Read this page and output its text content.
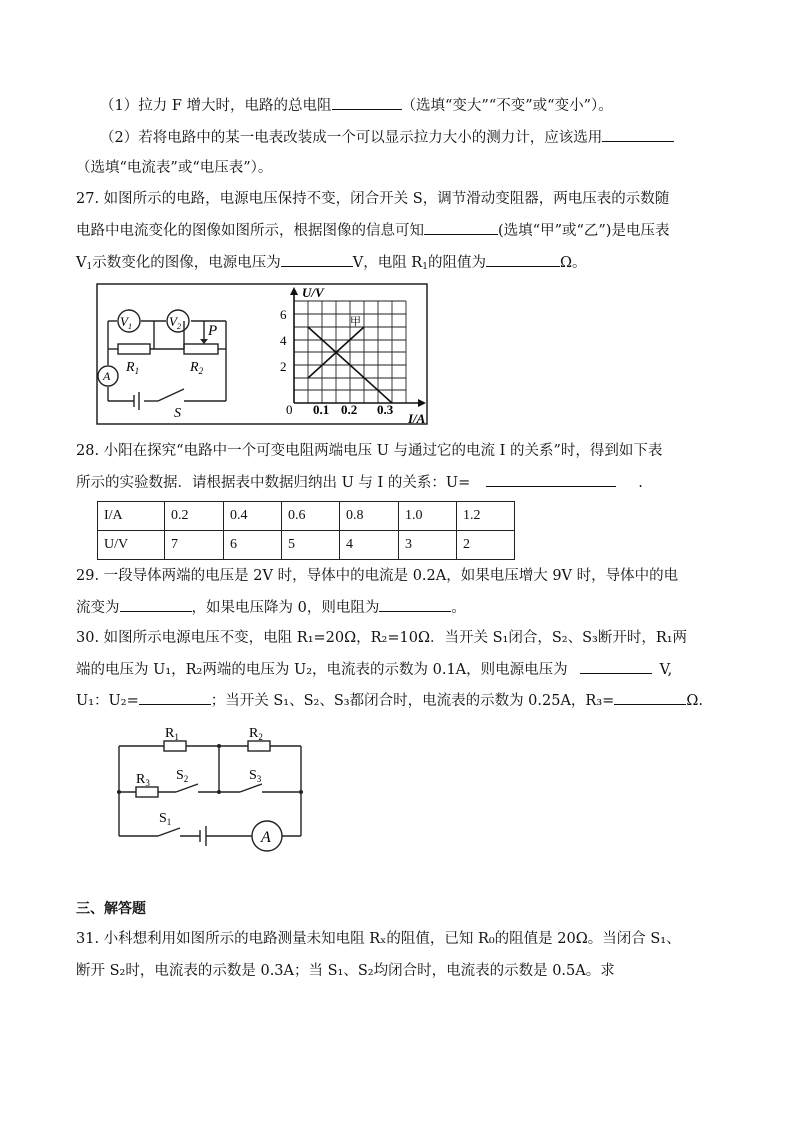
（1）拉力 F 增大时，电路的总电阻	（选填“变大”“不变”或“变小”）。
（2）若将电路中的某一电表改装成一个可以显示拉力大小的测力计，应该选用
（选填“电流表”或“电压表”）。
27. 如图所示的电路，电源电压保持不变，闭合开关 S，调节滑动变阻器，两电压表的示数随
电路中电流变化的图像如图所示，根据图像的信息可知	(选填“甲”或“乙”)是电压表
$V_1$示数变化的图像，电源电压为	V，电阻 $R_1$的阻值为	Ω。
$V_1$	$V_2$ P
$R_1$	$R_2$
A
S
U/V
I/A
甲
6
4
2
0 0.1 0.2 0.3
28. 小阳在探究“电路中一个可变电阻两端电压 U 与通过它的电流 I 的关系”时，得到如下表
所示的实验数据．请根据表中数据归纳出 U 与 I 的关系：U=	.
I/A	0.2	0.4	0.6	0.8	1.0	1.2
U/V	7	6	5	4	3	2
29. 一段导体两端的电压是 2V 时，导体中的电流是 0.2A，如果电压增大 9V 时，导体中的电
流变为	，如果电压降为 0，则电阻为	。
30. 如图所示电源电压不变，电阻 R₁=20Ω，R₂=10Ω．当开关 S₁闭合，S₂、S₃断开时，R₁两
端的电压为 U₁，R₂两端的电压为 U₂，电流表的示数为 0.1A，则电源电压为	V,
U₁：U₂=	；当开关 S₁、S₂、S₃都闭合时，电流表的示数为 0.25A，R₃=	Ω.
$R_1$	$R_2$
$R_3$ $S_2$	$S_3$
$S_1$
A
三、解答题
31. 小科想利用如图所示的电路测量未知电阻 Rₓ的阻值，已知 R₀的阻值是 20Ω。当闭合 S₁、
断开 S₂时，电流表的示数是 0.3A；当 S₁、S₂均闭合时，电流表的示数是 0.5A。求
